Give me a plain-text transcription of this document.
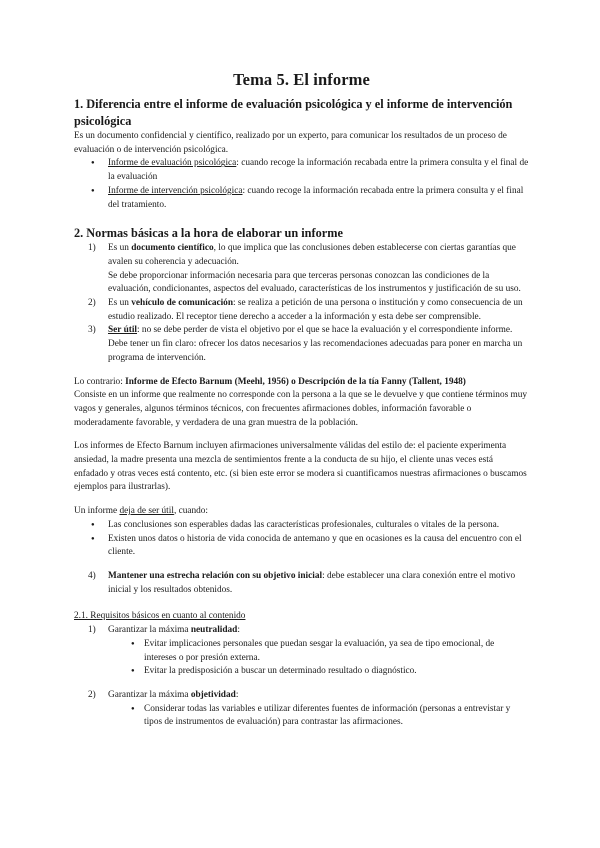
Tema 5. El informe
1. Diferencia entre el informe de evaluación psicológica y el informe de intervención psicológica
Es un documento confidencial y científico, realizado por un experto, para comunicar los resultados de un proceso de evaluación o de intervención psicológica.
● Informe de evaluación psicológica: cuando recoge la información recabada entre la primera consulta y el final de la evaluación
● Informe de intervención psicológica: cuando recoge la información recabada entre la primera consulta y el final del tratamiento.
2. Normas básicas a la hora de elaborar un informe
1) Es un documento científico, lo que implica que las conclusiones deben establecerse con ciertas garantías que avalen su coherencia y adecuación.
Se debe proporcionar información necesaria para que terceras personas conozcan las condiciones de la evaluación, condicionantes, aspectos del evaluado, características de los instrumentos y justificación de su uso.
2) Es un vehículo de comunicación: se realiza a petición de una persona o institución y como consecuencia de un estudio realizado. El receptor tiene derecho a acceder a la información y esta debe ser comprensible.
3) Ser útil: no se debe perder de vista el objetivo por el que se hace la evaluación y el correspondiente informe. Debe tener un fin claro: ofrecer los datos necesarios y las recomendaciones adecuadas para poner en marcha un programa de intervención.
Lo contrario: Informe de Efecto Barnum (Meehl, 1956) o Descripción de la tía Fanny (Tallent, 1948)
Consiste en un informe que realmente no corresponde con la persona a la que se le devuelve y que contiene términos muy vagos y generales, algunos términos técnicos, con frecuentes afirmaciones dobles, información favorable o moderadamente favorable, y verdadera de una gran muestra de la población.
Los informes de Efecto Barnum incluyen afirmaciones universalmente válidas del estilo de: el paciente experimenta ansiedad, la madre presenta una mezcla de sentimientos frente a la conducta de su hijo, el cliente unas veces está enfadado y otras veces está contento, etc. (si bien este error se modera si cuantificamos nuestras afirmaciones o buscamos ejemplos para ilustrarlas).
Un informe deja de ser útil, cuando:
● Las conclusiones son esperables dadas las características profesionales, culturales o vitales de la persona.
● Existen unos datos o historia de vida conocida de antemano y que en ocasiones es la causa del encuentro con el cliente.
4) Mantener una estrecha relación con su objetivo inicial: debe establecer una clara conexión entre el motivo inicial y los resultados obtenidos.
2.1. Requisitos básicos en cuanto al contenido
1) Garantizar la máxima neutralidad:
● Evitar implicaciones personales que puedan sesgar la evaluación, ya sea de tipo emocional, de intereses o por presión externa.
● Evitar la predisposición a buscar un determinado resultado o diagnóstico.
2) Garantizar la máxima objetividad:
● Considerar todas las variables e utilizar diferentes fuentes de información (personas a entrevistar y tipos de instrumentos de evaluación) para contrastar las afirmaciones.
